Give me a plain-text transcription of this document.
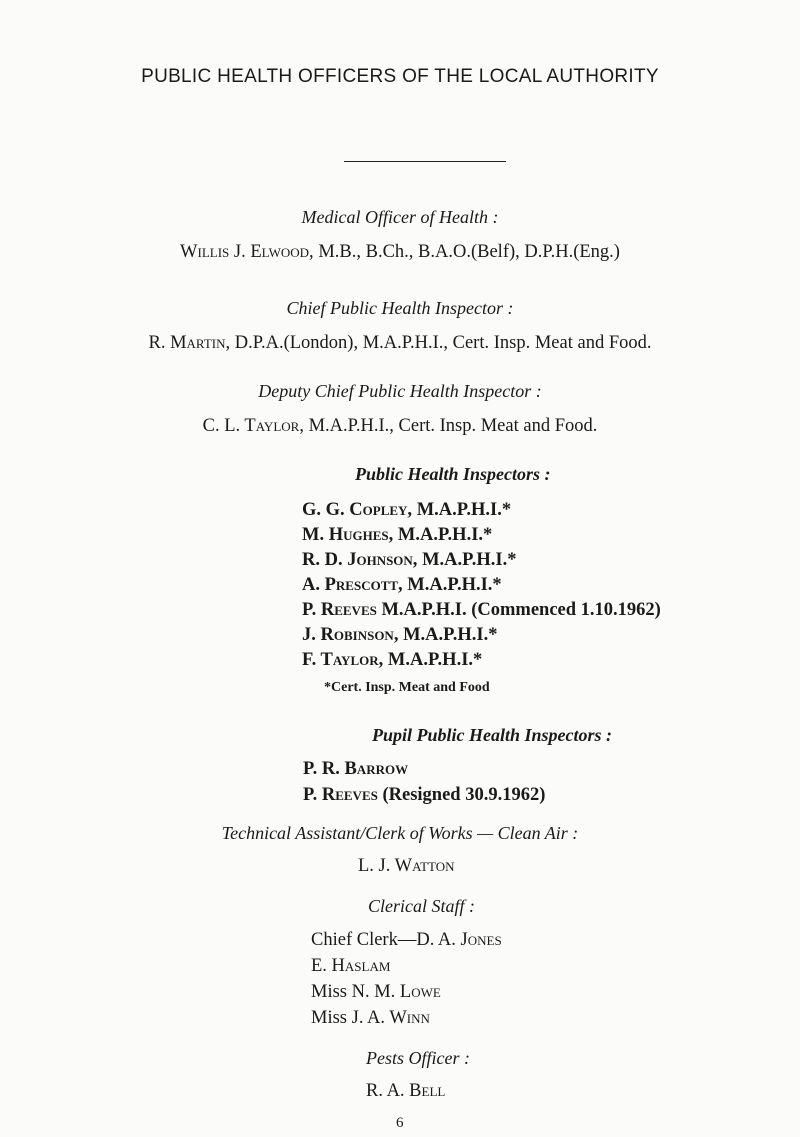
PUBLIC HEALTH OFFICERS OF THE LOCAL AUTHORITY
Medical Officer of Health :
Willis J. Elwood, M.B., B.Ch., B.A.O.(Belf), D.P.H.(Eng.)
Chief Public Health Inspector :
R. Martin, D.P.A.(London), M.A.P.H.I., Cert. Insp. Meat and Food.
Deputy Chief Public Health Inspector :
C. L. Taylor, M.A.P.H.I., Cert. Insp. Meat and Food.
Public Health Inspectors :
G. G. Copley, M.A.P.H.I.*
M. Hughes, M.A.P.H.I.*
R. D. Johnson, M.A.P.H.I.*
A. Prescott, M.A.P.H.I.*
P. Reeves M.A.P.H.I. (Commenced 1.10.1962)
J. Robinson, M.A.P.H.I.*
F. Taylor, M.A.P.H.I.*
*Cert. Insp. Meat and Food
Pupil Public Health Inspectors :
P. R. Barrow
P. Reeves (Resigned 30.9.1962)
Technical Assistant/Clerk of Works — Clean Air :
L. J. Watton
Clerical Staff :
Chief Clerk—D. A. Jones
E. Haslam
Miss N. M. Lowe
Miss J. A. Winn
Pests Officer :
R. A. Bell
6
